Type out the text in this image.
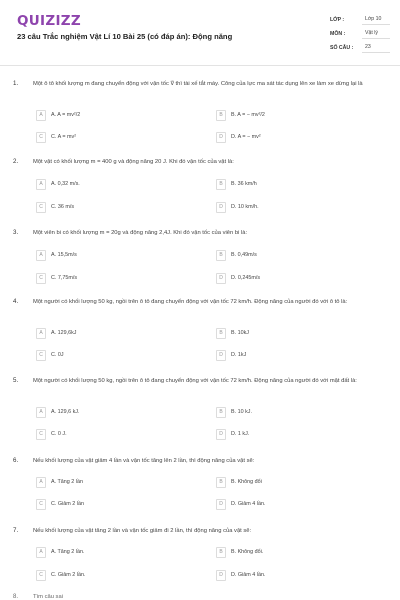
QUIZIZZ
23 câu Trắc nghiệm Vật Lí 10 Bài 25 (có đáp án): Động năng
LỚP :	Lớp 10
MÔN :	Vật lý
SỐ CÂU :	23
1.	Một ô tô khối lượng m đang chuyển động với vận tốc v⃗ thì tài xế tắt máy. Công của lực ma sát tác dụng lên xe làm xe dừng lại là
A	A. A = mv²/2	B	B. A = − mv²/2
C	C. A = mv²	D	D. A = − mv²
2.	Một vật có khối lượng m = 400 g và động năng 20 J. Khi đó vận tốc của vật là:
A	A. 0,32 m/s.	B	B. 36 km/h
C	C. 36 m/s	D	D. 10 km/h.
3.	Một viên bi có khối lượng m = 20g và động năng 2,4J. Khi đó vận tốc của viên bi là:
A	A. 15,5m/s	B	B. 0,49m/s
C	C. 7,75m/s	D	D. 0,245m/s
4.	Một người có khối lượng 50 kg, ngồi trên ô tô đang chuyển động với vận tốc 72 km/h. Động năng của người đó với ô tô là:
A	A. 129,6kJ	B	B. 10kJ
C	C. 0J	D	D. 1kJ
5.	Một người có khối lượng 50 kg, ngồi trên ô tô đang chuyển động với vận tốc 72 km/h. Động năng của người đó với mặt đất là:
A	A. 129,6 kJ.	B	B. 10 kJ.
C	C. 0 J.	D	D. 1 kJ.
6.	Nếu khối lượng của vật giảm 4 lần và vận tốc tăng lên 2 lần, thì động năng của vật sẽ:
A	A. Tăng 2 lần	B	B. Không đổi
C	C. Giảm 2 lần	D	D. Giảm 4 lần.
7.	Nếu khối lượng của vật tăng 2 lần và vận tốc giảm đi 2 lần, thì động năng của vật sẽ:
A	A. Tăng 2 lần.	B	B. Không đổi.
C	C. Giảm 2 lần.	D	D. Giảm 4 lần.
8.	Tìm câu sai
